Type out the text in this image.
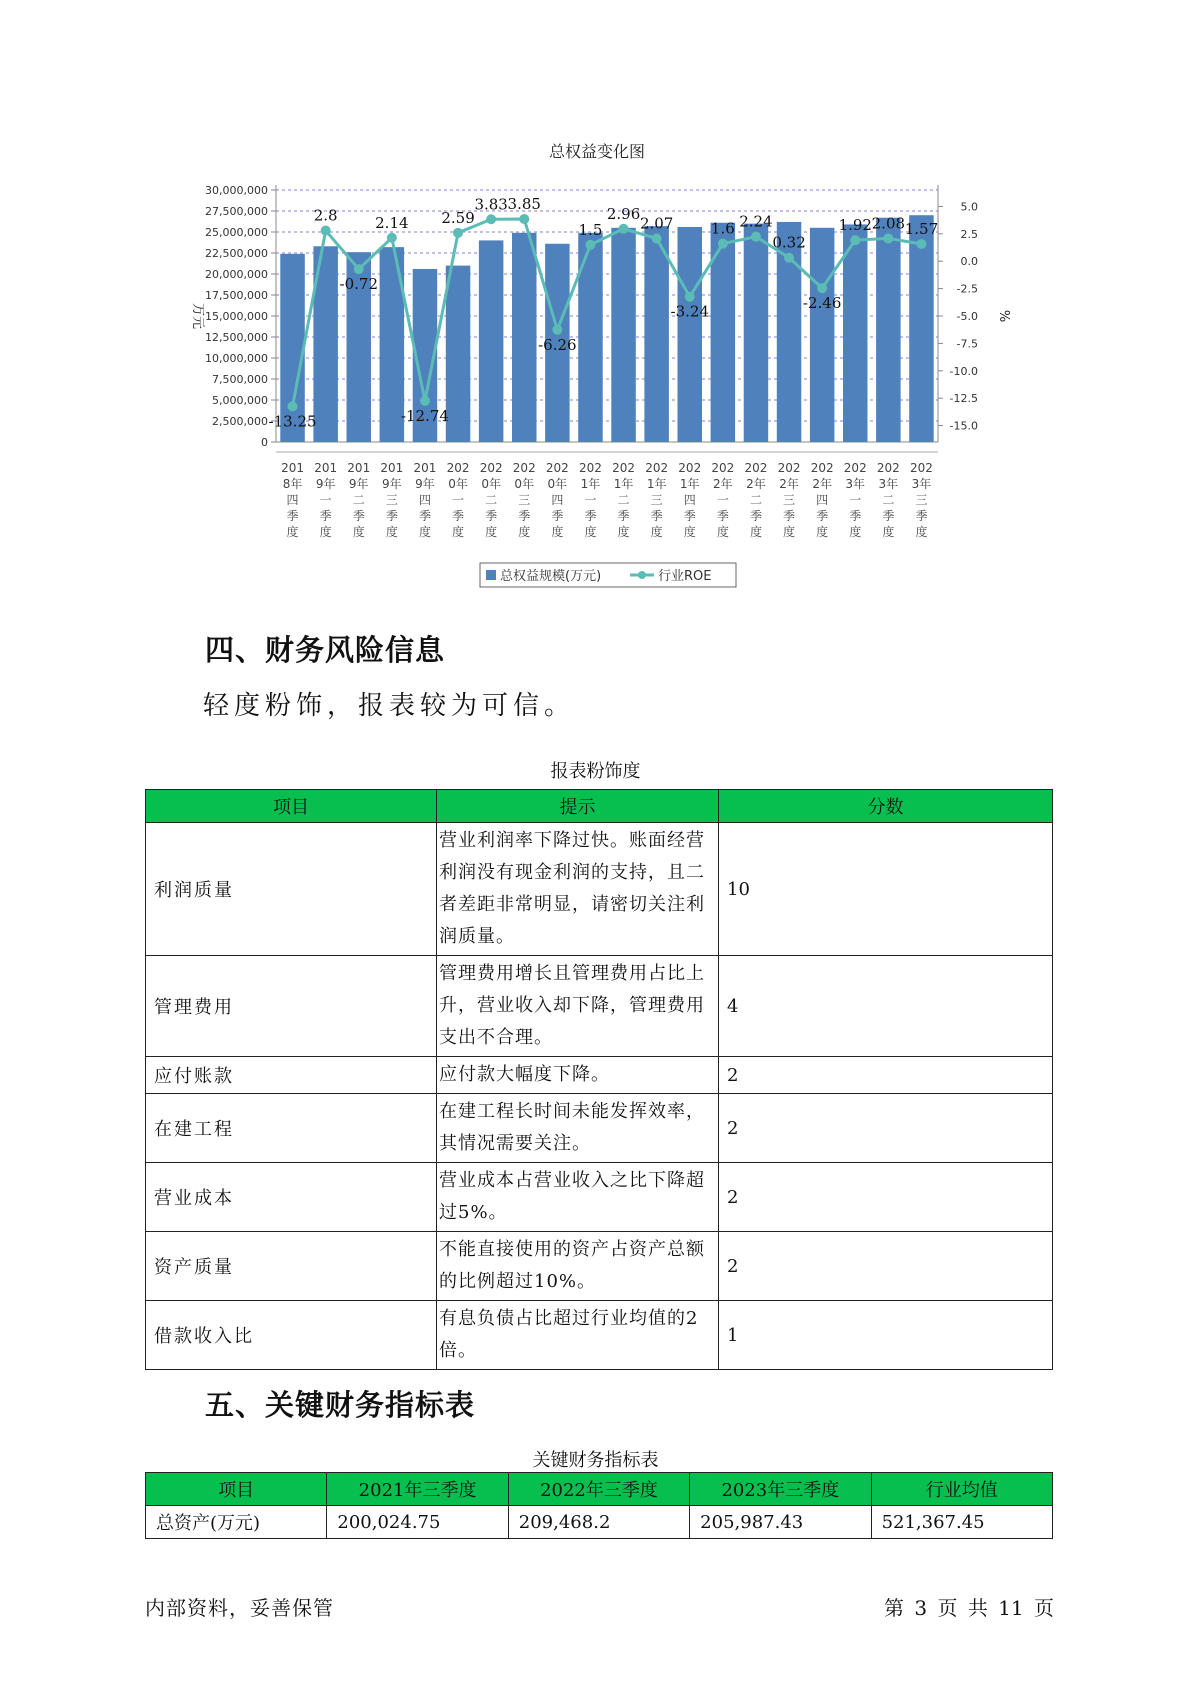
总权益变化图
0
2,500,000
5,000,000
7,500,000
10,000,000
12,500,000
15,000,000
17,500,000
20,000,000
22,500,000
25,000,000
27,500,000
30,000,000
-15.0
-12.5
-10.0
-7.5
-5.0
-2.5
0.0
2.5
5.0
万元	%
-13.25
2.8
-0.72
2.14
-12.74
2.59
3.83 3.85
-6.26
1.5
2.96
2.07
-3.24
1.6 2.24
0.32
-2.46
1.92 2.08 1.57
201
8年
四
季
度
201
9年
一
季
度
201
9年
二
季
度
201
9年
三
季
度
201
9年
四
季
度
202
0年
一
季
度
202
0年
二
季
度
202
0年
三
季
度
202
0年
四
季
度
202
1年
一
季
度
202
1年
二
季
度
202
1年
三
季
度
202
1年
四
季
度
202
2年
一
季
度
202
2年
二
季
度
202
2年
三
季
度
202
2年
四
季
度
202
3年
一
季
度
202
3年
二
季
度
202
3年
三
季
度
总权益规模(万元)	行业ROE
四、财务风险信息
轻度粉饰，报表较为可信。
报表粉饰度
项目	提示	分数
利润质量	营业利润率下降过快。账面经营利润没有现金利润的支持，且二者差距非常明显，请密切关注利润质量。	10
管理费用	管理费用增长且管理费用占比上升，营业收入却下降，管理费用支出不合理。	4
应付账款	应付款大幅度下降。	2
在建工程	在建工程长时间未能发挥效率，其情况需要关注。	2
营业成本	营业成本占营业收入之比下降超过5%。	2
资产质量	不能直接使用的资产占资产总额的比例超过10%。	2
借款收入比	有息负债占比超过行业均值的2倍。	1
五、关键财务指标表
关键财务指标表
项目	2021年三季度	2022年三季度	2023年三季度	行业均值
总资产(万元)	200,024.75	209,468.2	205,987.43	521,367.45
内部资料，妥善保管	第 3 页 共 11 页
